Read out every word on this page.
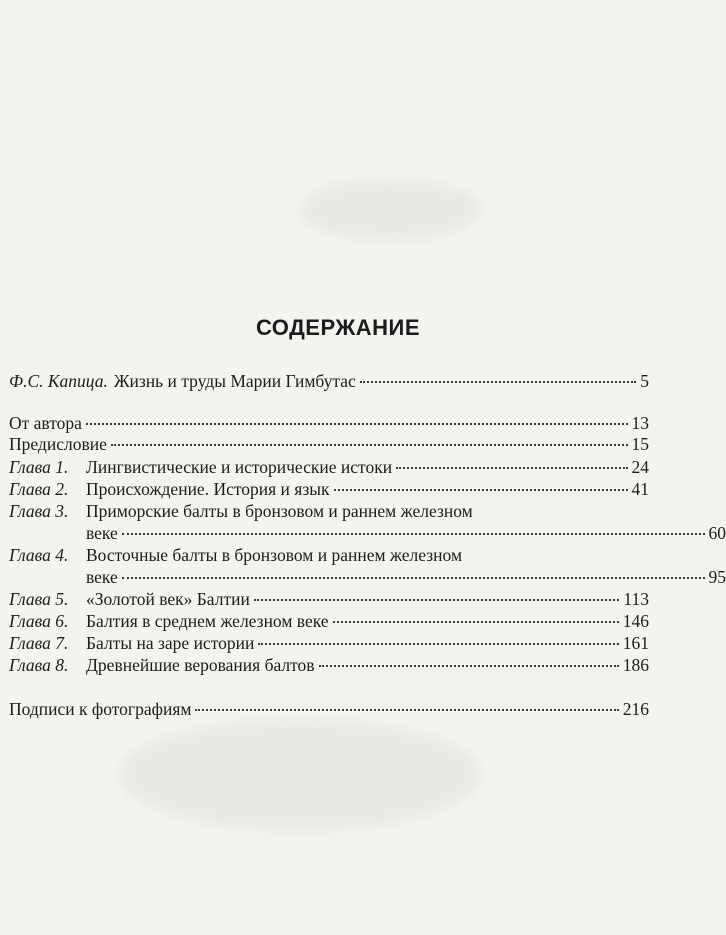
СОДЕРЖАНИЕ
Ф.С. Капица. Жизнь и труды Марии Гимбутас	5
От автора	13
Предисловие	15
Глава 1.	Лингвистические и исторические истоки	24
Глава 2.	Происхождение. История и язык	41
Глава 3. Приморские балты в бронзовом и раннем железном
веке	60
Глава 4. Восточные балты в бронзовом и раннем железном
веке	95
Глава 5.	«Золотой век» Балтии	113
Глава 6.	Балтия в среднем железном веке	146
Глава 7.	Балты на заре истории	161
Глава 8.	Древнейшие верования балтов	186
Подписи к фотографиям	216
